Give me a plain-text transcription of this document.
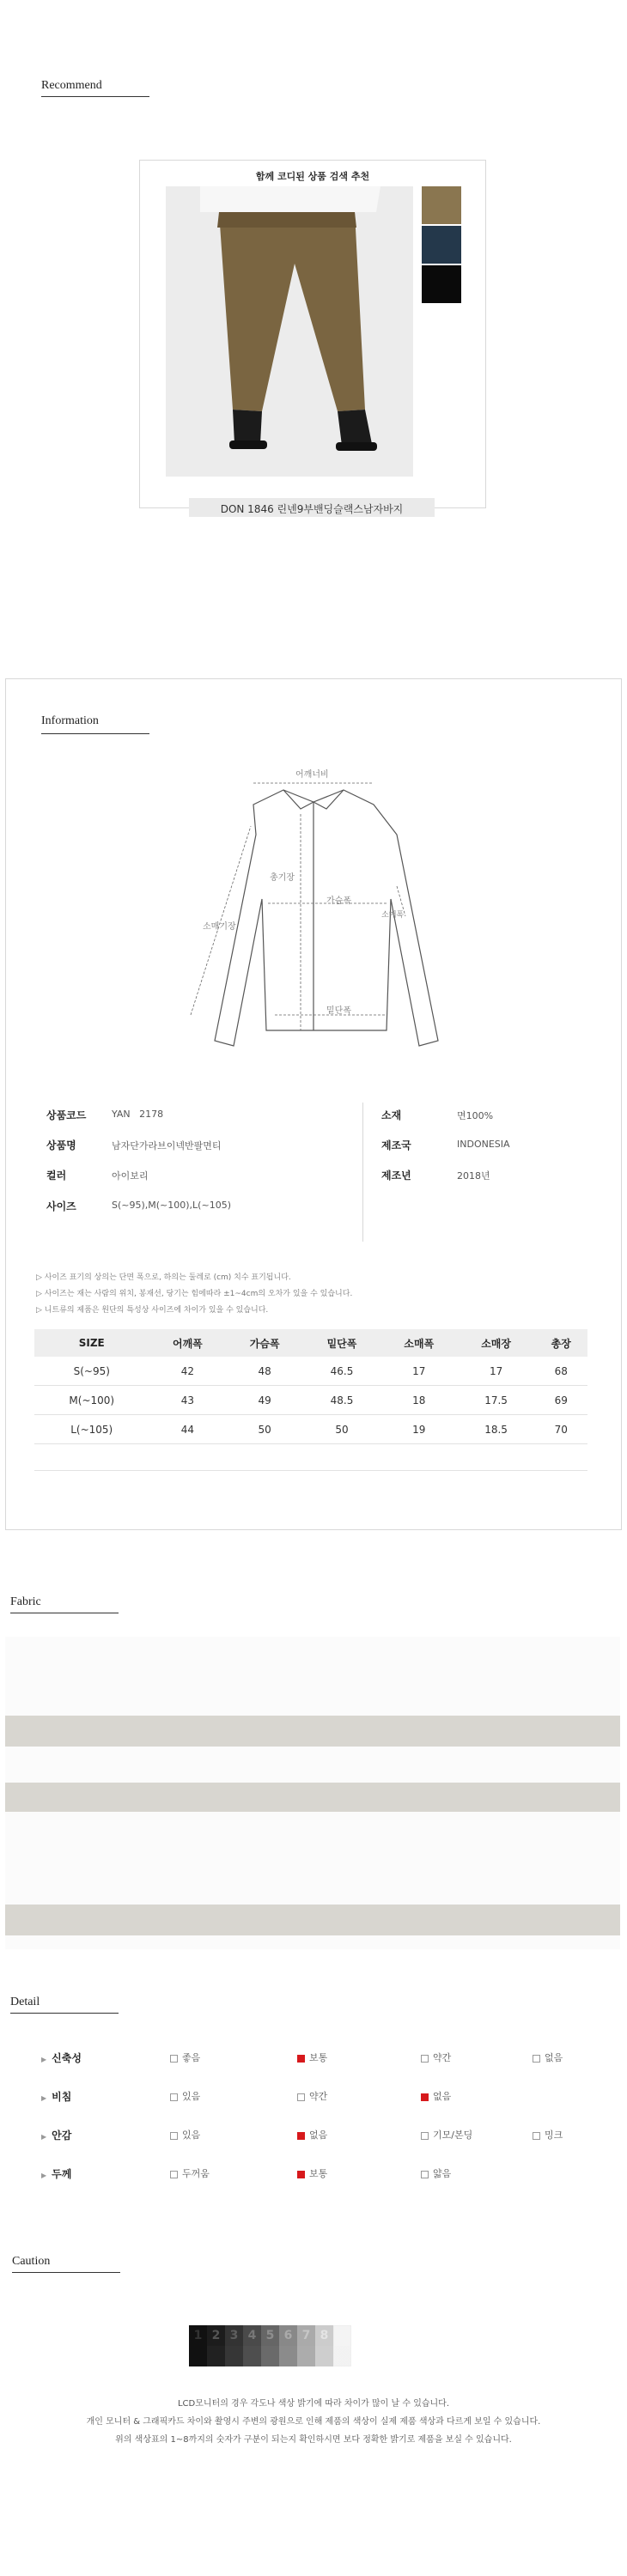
Recommend
함께 코디된 상품 검색 추천
DON 1846 린넨9부밴딩슬랙스남자바지
Information
어깨너비
총기장
가슴폭
소매폭
소매기장
밑단폭
상품코드	YAN   2178
상품명	남자단가라브이넥반팔면티
컬러	아이보리
사이즈	S(~95),M(~100),L(~105)
소재	면100%
제조국	INDONESIA
제조년	2018년
▷ 사이즈 표기의 상의는 단면 폭으로, 하의는 둘레로 (cm) 치수 표기됩니다.
▷ 사이즈는 재는 사람의 위치, 봉재선, 당기는 힘에따라 ±1~4cm의 오차가 있을 수 있습니다.
▷ 니트류의 제품은 원단의 특성상 사이즈에 차이가 있을 수 있습니다.
SIZE	어깨폭	가슴폭	밑단폭	소매폭	소매장	총장
S(~95)	42	48	46.5	17	17	68
M(~100)	43	49	48.5	18	17.5	69
L(~105)	44	50	50	19	18.5	70
Fabric
Detail
▶ 신축성	좋음	보통	약간	없음
▶ 비침	있음	약간	없음
▶ 안감	있음	없음	기모/본딩	밍크
▶ 두께	두꺼움	보통	얇음
Caution
1 2 3 4 5 6 7 8
LCD모니터의 경우 각도나 색상 밝기에 따라 차이가 많이 날 수 있습니다.
개인 모니터 & 그래픽카드 차이와 촬영시 주변의 광원으로 인해 제품의 색상이 실제 제품 색상과 다르게 보일 수 있습니다.
위의 색상표의 1~8까지의 숫자가 구분이 되는지 확인하시면 보다 정확한 밝기로 제품을 보실 수 있습니다.
